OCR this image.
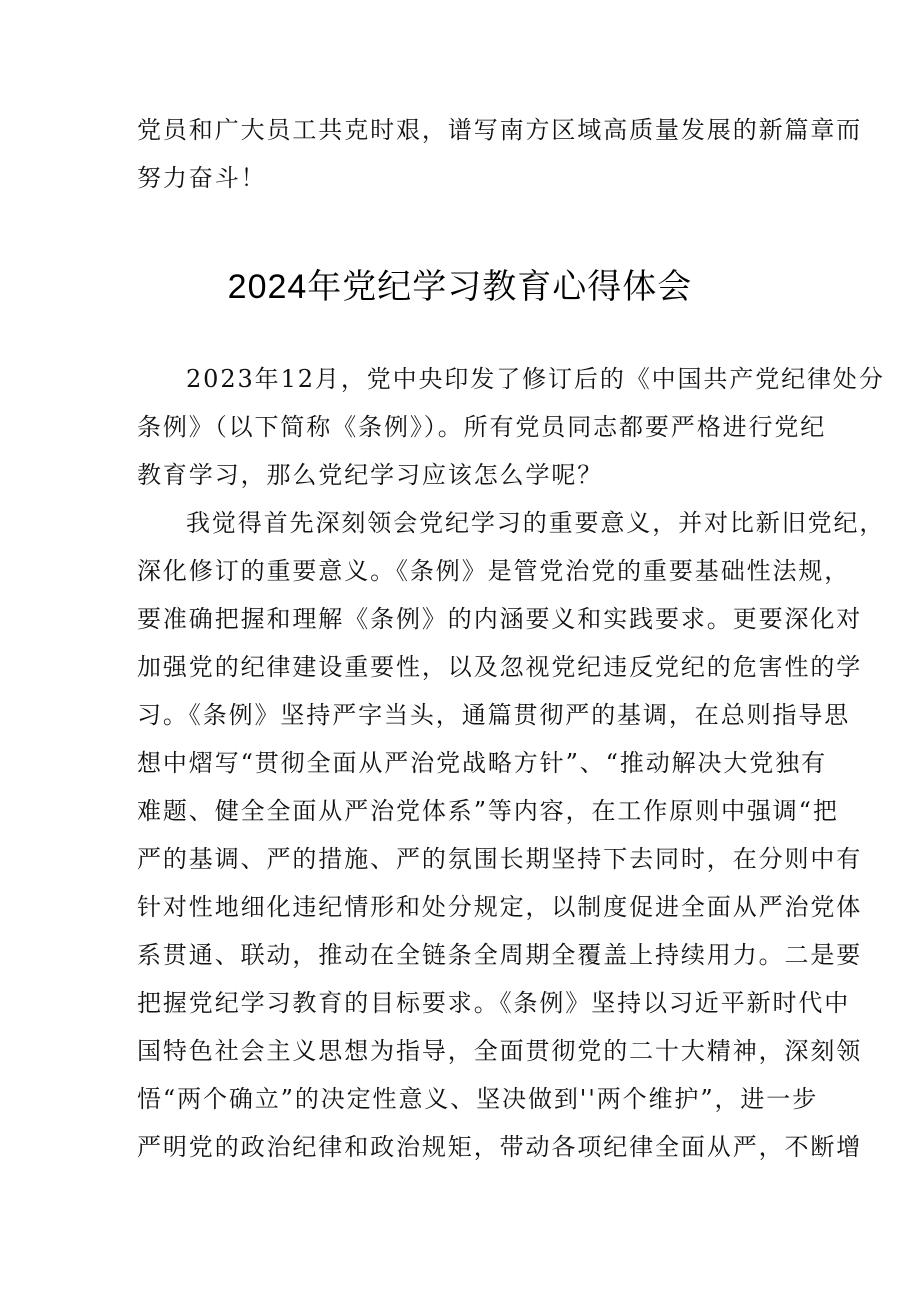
党员和广大员工共克时艰，谱写南方区域高质量发展的新篇章而
努力奋斗！
2024年党纪学习教育心得体会
2023年12月，党中央印发了修订后的《中国共产党纪律处分
条例》（以下简称《条例》）。所有党员同志都要严格进行党纪
教育学习，那么党纪学习应该怎么学呢？
我觉得首先深刻领会党纪学习的重要意义，并对比新旧党纪，
深化修订的重要意义。《条例》是管党治党的重要基础性法规，
要准确把握和理解《条例》的内涵要义和实践要求。更要深化对
加强党的纪律建设重要性，以及忽视党纪违反党纪的危害性的学
习。《条例》坚持严字当头，通篇贯彻严的基调，在总则指导思
想中熠写“贯彻全面从严治党战略方针”、“推动解决大党独有
难题、健全全面从严治党体系”等内容，在工作原则中强调“把
严的基调、严的措施、严的氛围长期坚持下去同时，在分则中有
针对性地细化违纪情形和处分规定，以制度促进全面从严治党体
系贯通、联动，推动在全链条全周期全覆盖上持续用力。二是要
把握党纪学习教育的目标要求。《条例》坚持以习近平新时代中
国特色社会主义思想为指导，全面贯彻党的二十大精神，深刻领
悟“两个确立”的决定性意义、坚决做到''两个维护”，进一步
严明党的政治纪律和政治规矩，带动各项纪律全面从严，不断增
